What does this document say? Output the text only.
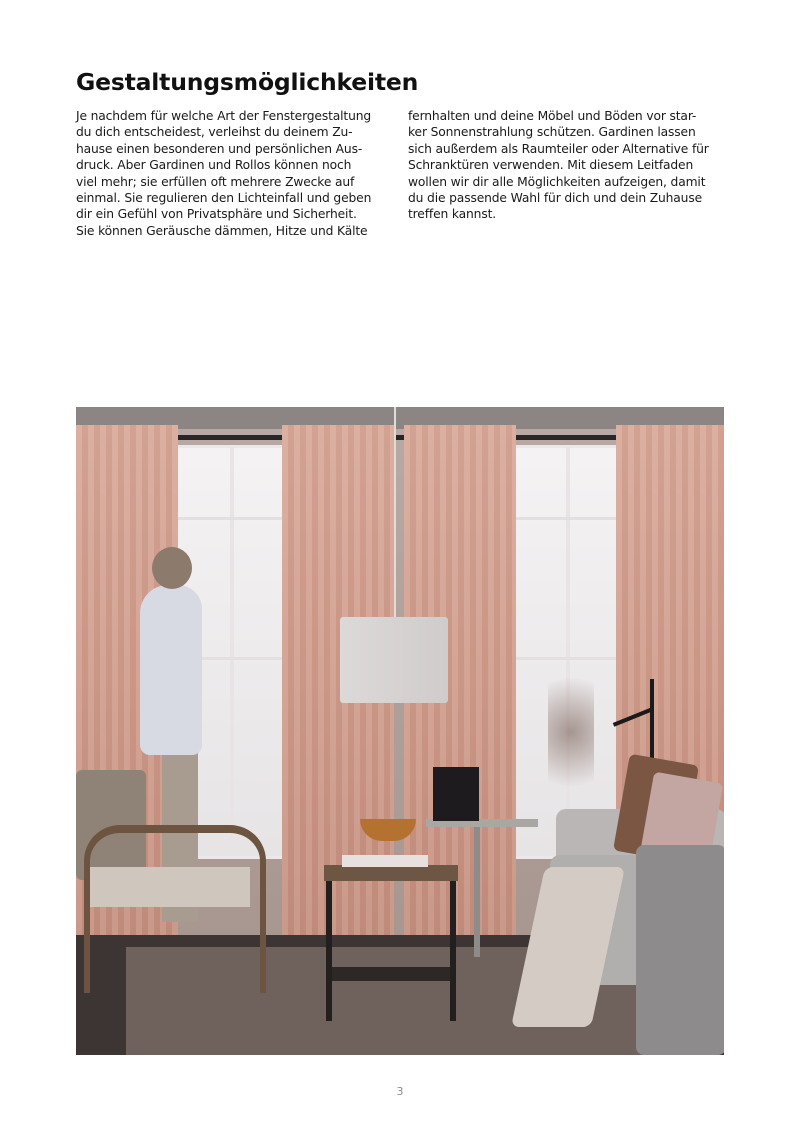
Gestaltungsmöglichkeiten
Je nachdem für welche Art der Fenstergestaltung
du dich entscheidest, verleihst du deinem Zu-
hause einen besonderen und persönlichen Aus-
druck. Aber Gardinen und Rollos können noch
viel mehr; sie erfüllen oft mehrere Zwecke auf
einmal. Sie regulieren den Lichteinfall und geben
dir ein Gefühl von Privatsphäre und Sicherheit.
Sie können Geräusche dämmen, Hitze und Kälte
fernhalten und deine Möbel und Böden vor star-
ker Sonnenstrahlung schützen. Gardinen lassen
sich außerdem als Raumteiler oder Alternative für
Schranktüren verwenden. Mit diesem Leitfaden
wollen wir dir alle Möglichkeiten aufzeigen, damit
du die passende Wahl für dich und dein Zuhause
treffen kannst.
3
